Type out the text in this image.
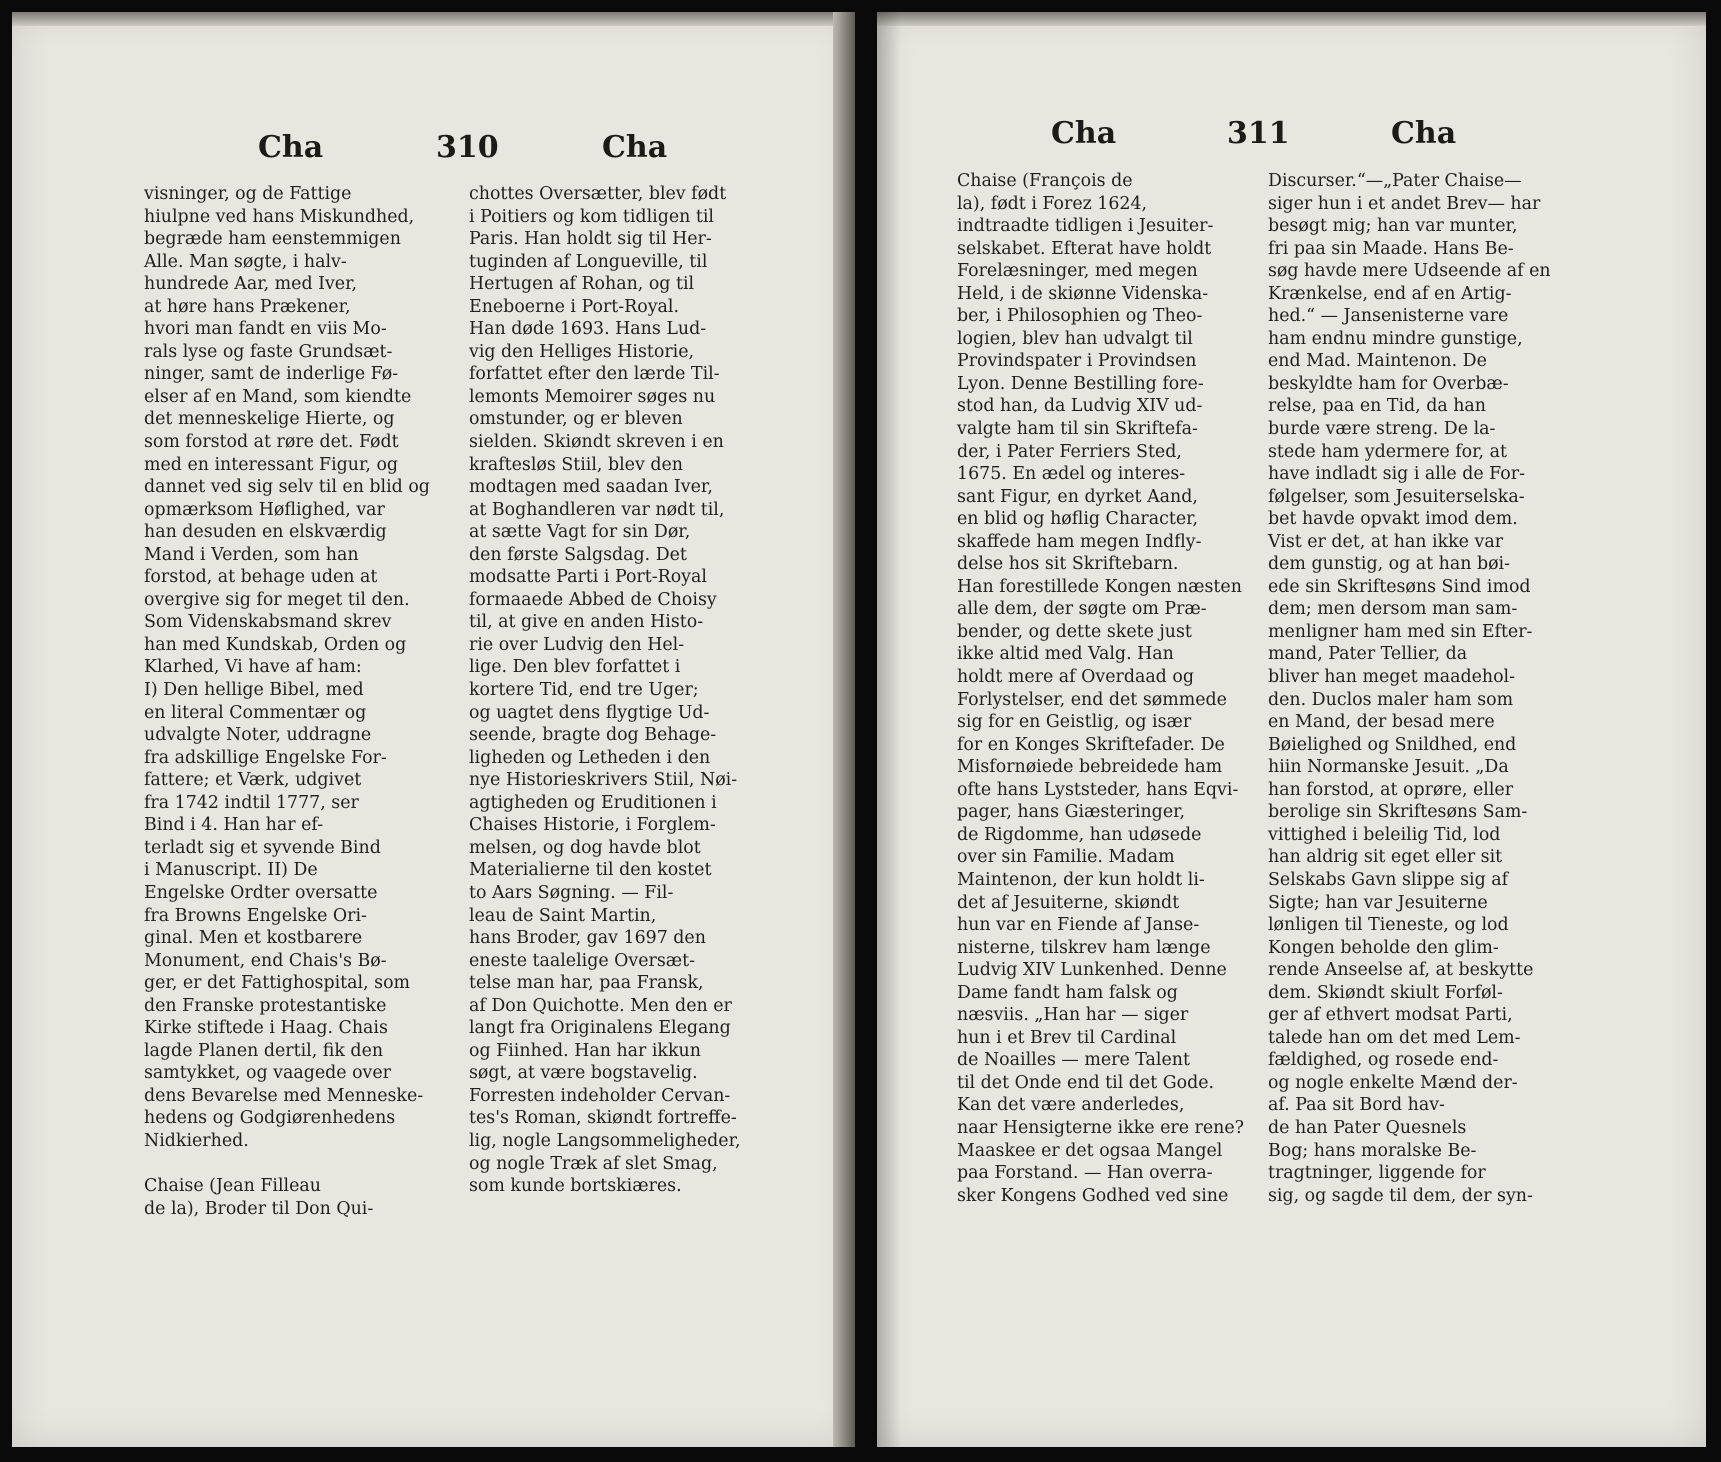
Cha	310	Cha
visninger, og de Fattige
hiulpne ved hans Miskundhed,
begræde ham eenstemmigen
Alle. Man søgte, i halv-
hundrede Aar, med Iver,
at høre hans Prækener,
hvori man fandt en viis Mo-
rals lyse og faste Grundsæt-
ninger, samt de inderlige Fø-
elser af en Mand, som kiendte
det menneskelige Hierte, og
som forstod at røre det. Født
med en interessant Figur, og
dannet ved sig selv til en blid og
opmærksom Høflighed, var
han desuden en elskværdig
Mand i Verden, som han
forstod, at behage uden at
overgive sig for meget til den.
Som Videnskabsmand skrev
han med Kundskab, Orden og
Klarhed, Vi have af ham:
I) Den hellige Bibel, med
en literal Commentær og
udvalgte Noter, uddragne
fra adskillige Engelske For-
fattere; et Værk, udgivet
fra 1742 indtil 1777, ser
Bind i 4. Han har ef-
terladt sig et syvende Bind
i Manuscript. II) De
Engelske Ordter oversatte
fra Browns Engelske Ori-
ginal. Men et kostbarere
Monument, end Chais's Bø-
ger, er det Fattighospital, som
den Franske protestantiske
Kirke stiftede i Haag. Chais
lagde Planen dertil, fik den
samtykket, og vaagede over
dens Bevarelse med Menneske-
hedens og Godgiørenhedens
Nidkierhed.
Chaise (Jean Filleau
de la), Broder til Don Qui-
chottes Oversætter, blev født
i Poitiers og kom tidligen til
Paris. Han holdt sig til Her-
tuginden af Longueville, til
Hertugen af Rohan, og til
Eneboerne i Port-Royal.
Han døde 1693. Hans Lud-
vig den Helliges Historie,
forfattet efter den lærde Til-
lemonts Memoirer søges nu
omstunder, og er bleven
sielden. Skiøndt skreven i en
kraftesløs Stiil, blev den
modtagen med saadan Iver,
at Boghandleren var nødt til,
at sætte Vagt for sin Dør,
den første Salgsdag. Det
modsatte Parti i Port-Royal
formaaede Abbed de Choisy
til, at give en anden Histo-
rie over Ludvig den Hel-
lige. Den blev forfattet i
kortere Tid, end tre Uger;
og uagtet dens flygtige Ud-
seende, bragte dog Behage-
ligheden og Letheden i den
nye Historieskrivers Stiil, Nøi-
agtigheden og Eruditionen i
Chaises Historie, i Forglem-
melsen, og dog havde blot
Materialierne til den kostet
to Aars Søgning. — Fil-
leau de Saint Martin,
hans Broder, gav 1697 den
eneste taalelige Oversæt-
telse man har, paa Fransk,
af Don Quichotte. Men den er
langt fra Originalens Elegang
og Fiinhed. Han har ikkun
søgt, at være bogstavelig.
Forresten indeholder Cervan-
tes's Roman, skiøndt fortreffe-
lig, nogle Langsommeligheder,
og nogle Træk af slet Smag,
som kunde bortskiæres.
Cha	311	Cha
Chaise (François de
la), født i Forez 1624,
indtraadte tidligen i Jesuiter-
selskabet. Efterat have holdt
Forelæsninger, med megen
Held, i de skiønne Videnska-
ber, i Philosophien og Theo-
logien, blev han udvalgt til
Provindspater i Provindsen
Lyon. Denne Bestilling fore-
stod han, da Ludvig XIV ud-
valgte ham til sin Skriftefa-
der, i Pater Ferriers Sted,
1675. En ædel og interes-
sant Figur, en dyrket Aand,
en blid og høflig Character,
skaffede ham megen Indfly-
delse hos sit Skriftebarn.
Han forestillede Kongen næsten
alle dem, der søgte om Præ-
bender, og dette skete just
ikke altid med Valg. Han
holdt mere af Overdaad og
Forlystelser, end det sømmede
sig for en Geistlig, og især
for en Konges Skriftefader. De
Misfornøiede bebreidede ham
ofte hans Lyststeder, hans Eqvi-
pager, hans Giæsteringer,
de Rigdomme, han udøsede
over sin Familie. Madam
Maintenon, der kun holdt li-
det af Jesuiterne, skiøndt
hun var en Fiende af Janse-
nisterne, tilskrev ham længe
Ludvig XIV Lunkenhed. Denne
Dame fandt ham falsk og
næsviis. „Han har — siger
hun i et Brev til Cardinal
de Noailles — mere Talent
til det Onde end til det Gode.
Kan det være anderledes,
naar Hensigterne ikke ere rene?
Maaskee er det ogsaa Mangel
paa Forstand. — Han overra-
sker Kongens Godhed ved sine
Discurser.“—„Pater Chaise—
siger hun i et andet Brev— har
besøgt mig; han var munter,
fri paa sin Maade. Hans Be-
søg havde mere Udseende af en
Krænkelse, end af en Artig-
hed.“ — Jansenisterne vare
ham endnu mindre gunstige,
end Mad. Maintenon. De
beskyldte ham for Overbæ-
relse, paa en Tid, da han
burde være streng. De la-
stede ham ydermere for, at
have indladt sig i alle de For-
følgelser, som Jesuiterselska-
bet havde opvakt imod dem.
Vist er det, at han ikke var
dem gunstig, og at han bøi-
ede sin Skriftesøns Sind imod
dem; men dersom man sam-
menligner ham med sin Efter-
mand, Pater Tellier, da
bliver han meget maadehol-
den. Duclos maler ham som
en Mand, der besad mere
Bøielighed og Snildhed, end
hiin Normanske Jesuit. „Da
han forstod, at oprøre, eller
berolige sin Skriftesøns Sam-
vittighed i beleilig Tid, lod
han aldrig sit eget eller sit
Selskabs Gavn slippe sig af
Sigte; han var Jesuiterne
lønligen til Tieneste, og lod
Kongen beholde den glim-
rende Anseelse af, at beskytte
dem. Skiøndt skiult Forføl-
ger af ethvert modsat Parti,
talede han om det med Lem-
fældighed, og rosede end-
og nogle enkelte Mænd der-
af. Paa sit Bord hav-
de han Pater Quesnels
Bog; hans moralske Be-
tragtninger, liggende for
sig, og sagde til dem, der syn-
